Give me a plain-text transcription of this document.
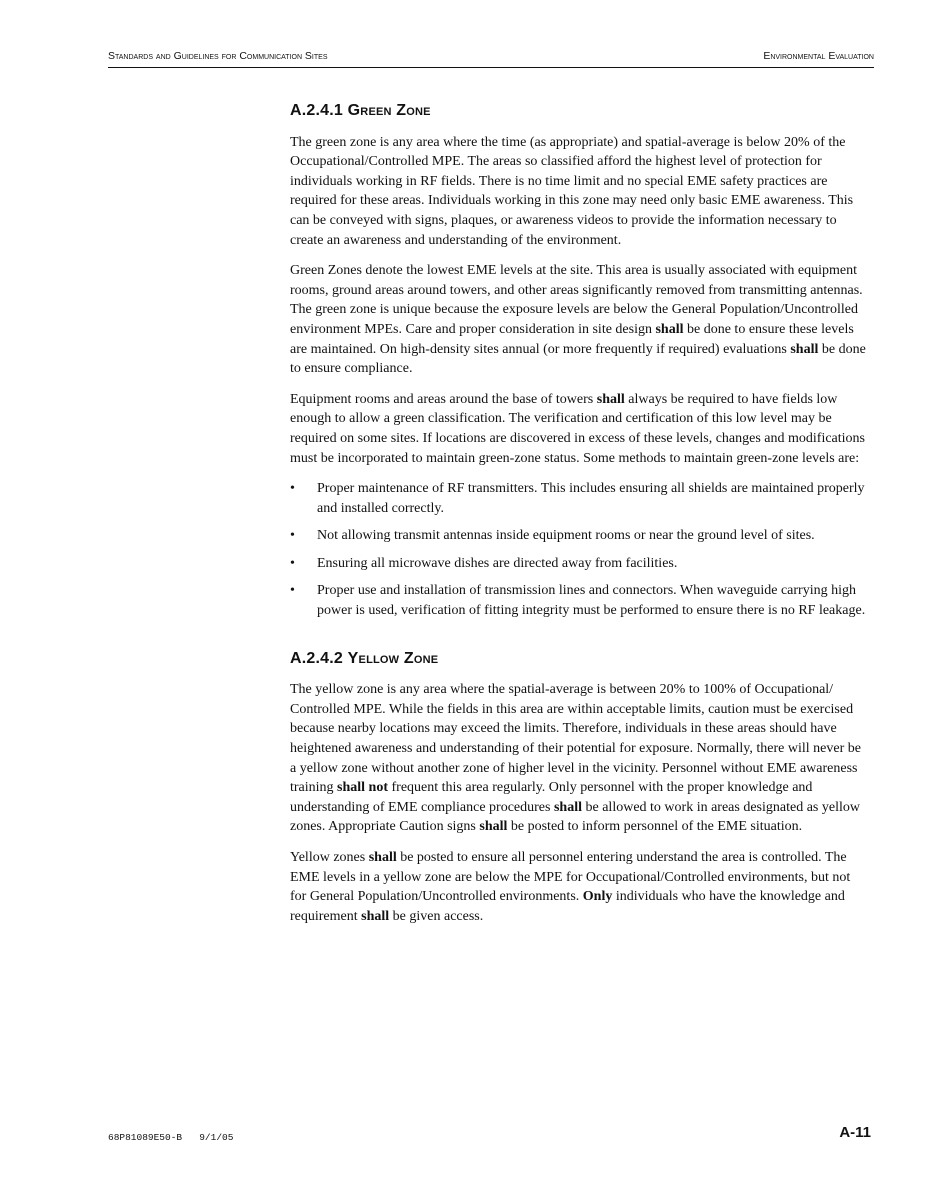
Standards and Guidelines for Communication Sites	Environmental Evaluation
A.2.4.1 Green Zone

The green zone is any area where the time (as appropriate) and spatial-average is below 20% of the Occupational/Controlled MPE. The areas so classified afford the highest level of protection for individuals working in RF fields. There is no time limit and no special EME safety practices are required for these areas. Individuals working in this zone may need only basic EME awareness. This can be conveyed with signs, plaques, or awareness videos to provide the information necessary to create an awareness and understanding of the environment.

Green Zones denote the lowest EME levels at the site. This area is usually associated with equipment rooms, ground areas around towers, and other areas significantly removed from transmitting antennas. The green zone is unique because the exposure levels are below the General Population/Uncontrolled environment MPEs. Care and proper consideration in site design shall be done to ensure these levels are maintained. On high-density sites annual (or more frequently if required) evaluations shall be done to ensure compliance.

Equipment rooms and areas around the base of towers shall always be required to have fields low enough to allow a green classification. The verification and certification of this low level may be required on some sites. If locations are discovered in excess of these levels, changes and modifications must be incorporated to maintain green-zone status. Some methods to maintain green-zone levels are:

• Proper maintenance of RF transmitters. This includes ensuring all shields are maintained properly and installed correctly.
• Not allowing transmit antennas inside equipment rooms or near the ground level of sites.
• Ensuring all microwave dishes are directed away from facilities.
• Proper use and installation of transmission lines and connectors. When waveguide carrying high power is used, verification of fitting integrity must be performed to ensure there is no RF leakage.
A.2.4.2 Yellow Zone

The yellow zone is any area where the spatial-average is between 20% to 100% of Occupational/ Controlled MPE. While the fields in this area are within acceptable limits, caution must be exercised because nearby locations may exceed the limits. Therefore, individuals in these areas should have heightened awareness and understanding of their potential for exposure. Normally, there will never be a yellow zone without another zone of higher level in the vicinity. Personnel without EME awareness training shall not frequent this area regularly. Only personnel with the proper knowledge and understanding of EME compliance procedures shall be allowed to work in areas designated as yellow zones. Appropriate Caution signs shall be posted to inform personnel of the EME situation.

Yellow zones shall be posted to ensure all personnel entering understand the area is controlled. The EME levels in a yellow zone are below the MPE for Occupational/Controlled environments, but not for General Population/Uncontrolled environments. Only individuals who have the knowledge and requirement shall be given access.

68P81089E50-B 9/1/05	A-11
